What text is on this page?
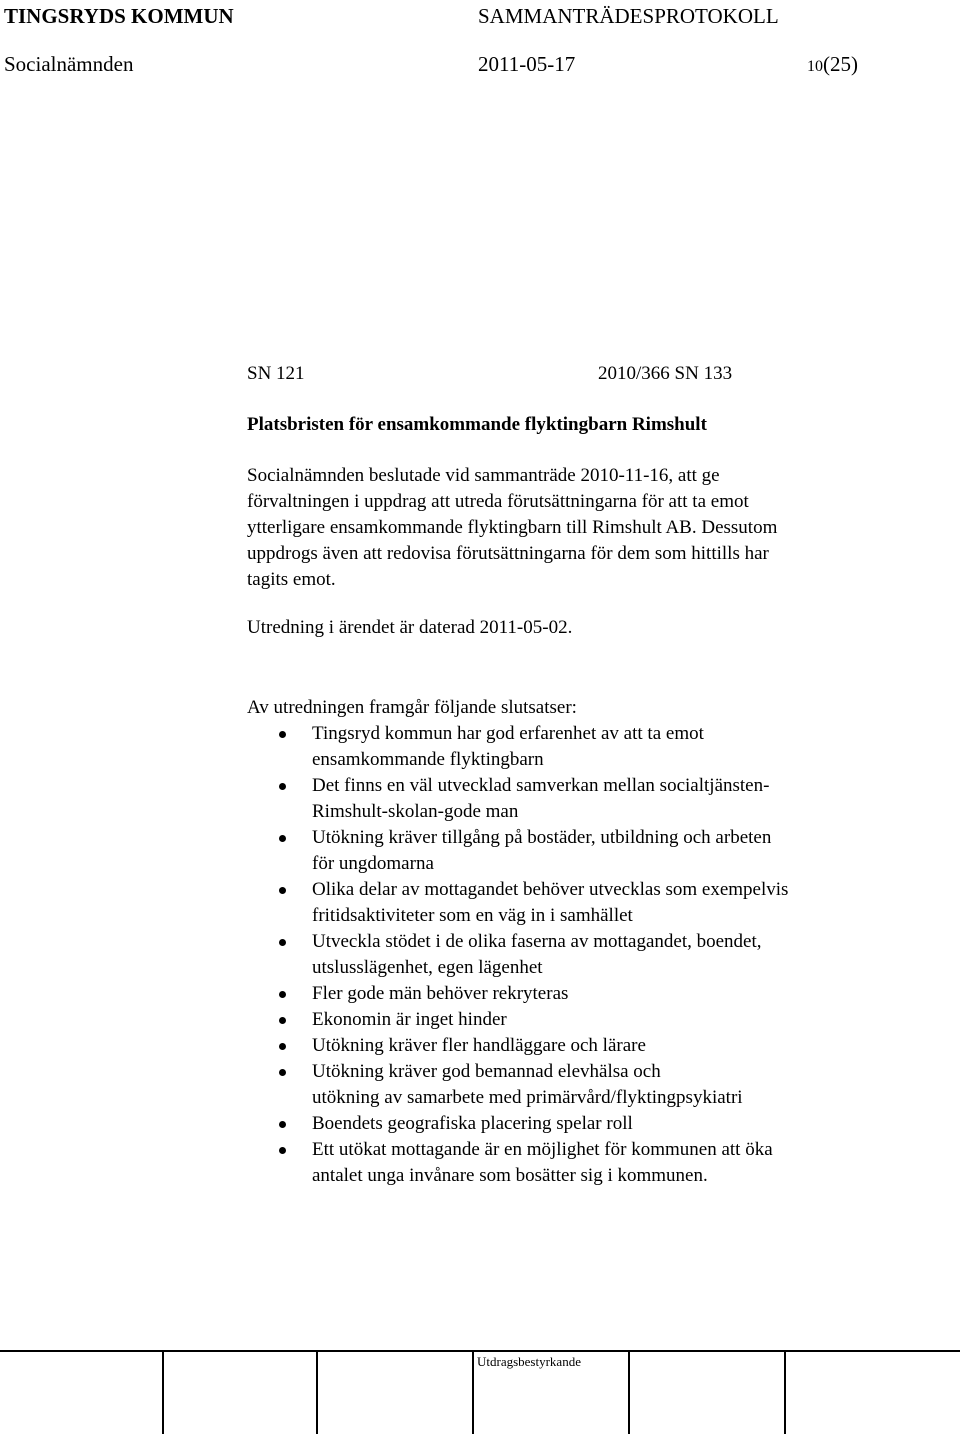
TINGSRYDS KOMMUN	SAMMANTRÄDESPROTOKOLL
Socialnämnden	2011-05-17	10(25)
SN 121	2010/366 SN 133
Platsbristen för ensamkommande flyktingbarn Rimshult
Socialnämnden beslutade vid sammanträde 2010-11-16, att ge
förvaltningen i uppdrag att utreda förutsättningarna för att ta emot
ytterligare ensamkommande flyktingbarn till Rimshult AB. Dessutom
uppdrogs även att redovisa förutsättningarna för dem som hittills har
tagits emot.
Utredning i ärendet är daterad 2011-05-02.
Av utredningen framgår följande slutsatser:
Tingsryd kommun har god erfarenhet av att ta emot
ensamkommande flyktingbarn
Det finns en väl utvecklad samverkan mellan socialtjänsten-
Rimshult-skolan-gode man
Utökning kräver tillgång på bostäder, utbildning och arbeten
för ungdomarna
Olika delar av mottagandet behöver utvecklas som exempelvis
fritidsaktiviteter som en väg in i samhället
Utveckla stödet i de olika faserna av mottagandet, boendet,
utslusslägenhet, egen lägenhet
Fler gode män behöver rekryteras
Ekonomin är inget hinder
Utökning kräver fler handläggare och lärare
Utökning kräver god bemannad elevhälsa och
utökning av samarbete med primärvård/flyktingpsykiatri
Boendets geografiska placering spelar roll
Ett utökat mottagande är en möjlighet för kommunen att öka
antalet unga invånare som bosätter sig i kommunen.
Utdragsbestyrkande
